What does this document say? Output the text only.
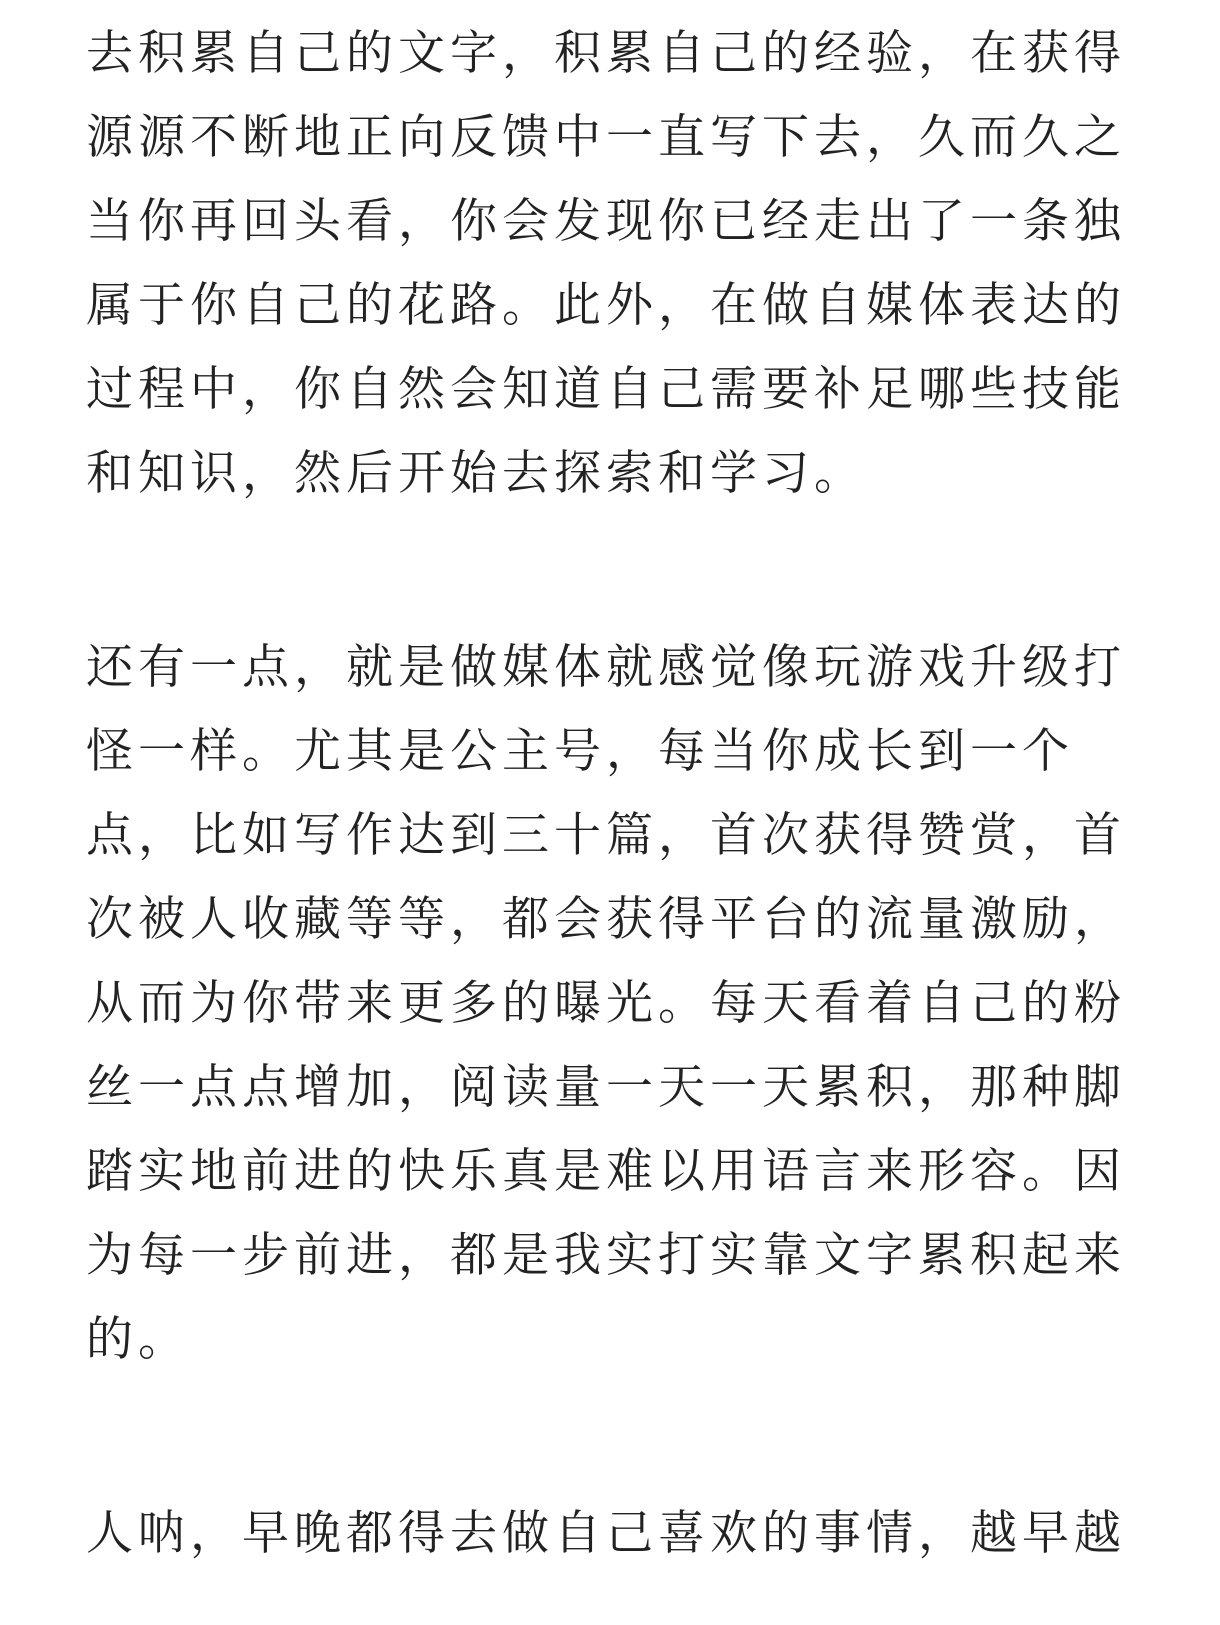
去积累自己的文字，积累自己的经验，在获得
源源不断地正向反馈中一直写下去，久而久之
当你再回头看，你会发现你已经走出了一条独
属于你自己的花路。此外，在做自媒体表达的
过程中，你自然会知道自己需要补足哪些技能
和知识，然后开始去探索和学习。
还有一点，就是做媒体就感觉像玩游戏升级打
怪一样。尤其是公主号，每当你成长到一个
点，比如写作达到三十篇，首次获得赞赏，首
次被人收藏等等，都会获得平台的流量激励，
从而为你带来更多的曝光。每天看着自己的粉
丝一点点增加，阅读量一天一天累积，那种脚
踏实地前进的快乐真是难以用语言来形容。因
为每一步前进，都是我实打实靠文字累积起来
的。
人呐，早晚都得去做自己喜欢的事情，越早越
